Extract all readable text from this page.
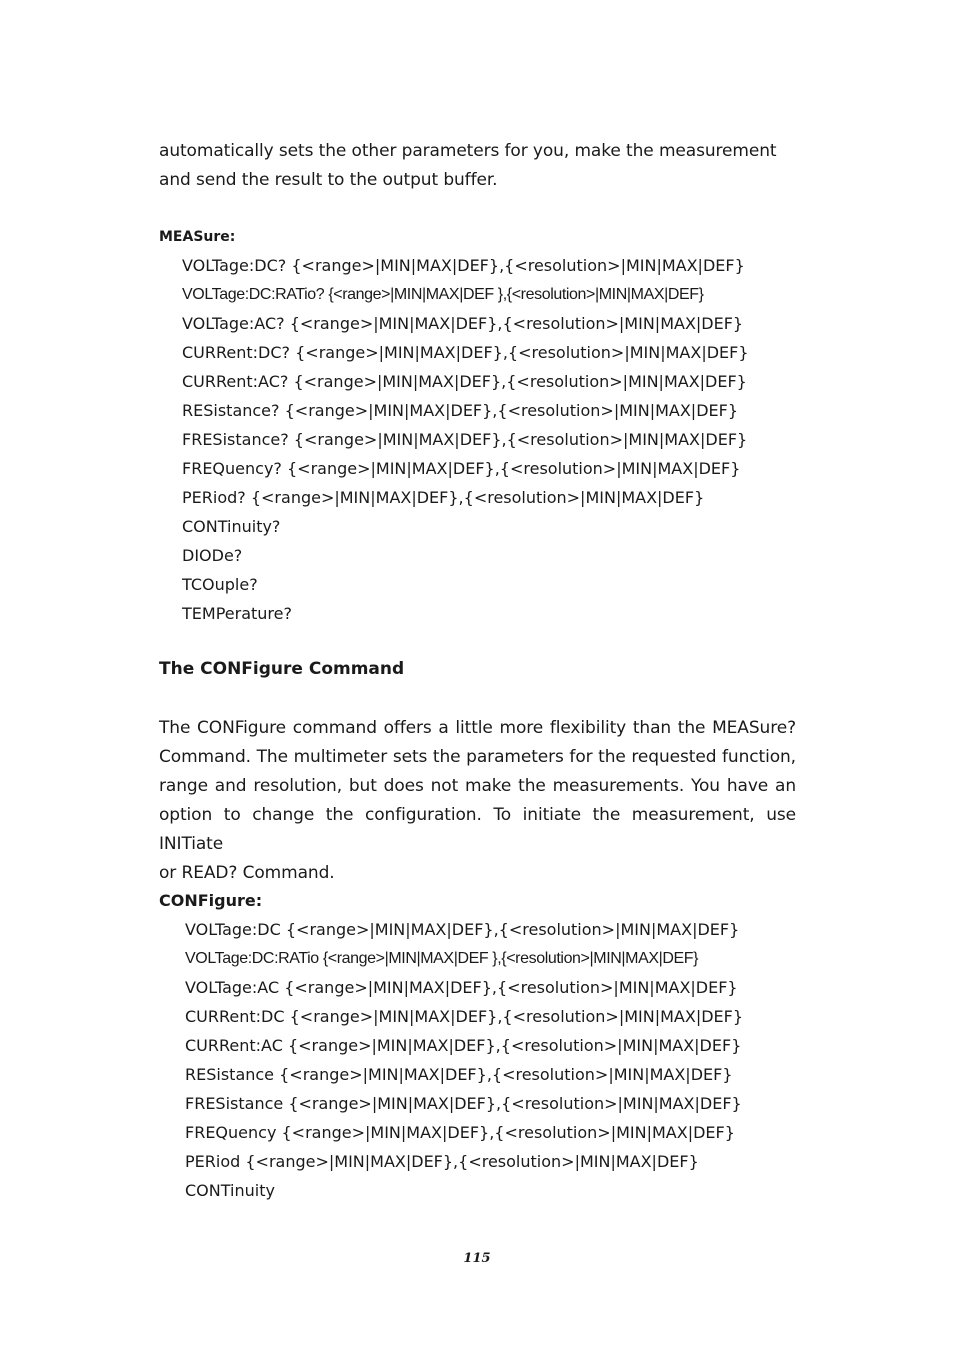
automatically sets the other parameters for you, make the measurement

and send the result to the output buffer.

MEASure:

VOLTage:DC? {<range>|MIN|MAX|DEF},{<resolution>|MIN|MAX|DEF}
VOLTage:DC:RATio? {<range>|MIN|MAX|DEF },{<resolution>|MIN|MAX|DEF}
VOLTage:AC? {<range>|MIN|MAX|DEF},{<resolution>|MIN|MAX|DEF}
CURRent:DC? {<range>|MIN|MAX|DEF},{<resolution>|MIN|MAX|DEF}
CURRent:AC? {<range>|MIN|MAX|DEF},{<resolution>|MIN|MAX|DEF}
RESistance? {<range>|MIN|MAX|DEF},{<resolution>|MIN|MAX|DEF}
FRESistance? {<range>|MIN|MAX|DEF},{<resolution>|MIN|MAX|DEF}
FREQuency? {<range>|MIN|MAX|DEF},{<resolution>|MIN|MAX|DEF}
PERiod? {<range>|MIN|MAX|DEF},{<resolution>|MIN|MAX|DEF}
CONTinuity?
DIODe?
TCOuple?
TEMPerature?

The CONFigure Command

The CONFigure command offers a little more flexibility than the MEASure?

Command. The multimeter sets the parameters for the requested function,

range and resolution, but does not make the measurements. You have an

option to change the configuration. To initiate the measurement, use INITiate

or READ? Command.

CONFigure:

VOLTage:DC {<range>|MIN|MAX|DEF},{<resolution>|MIN|MAX|DEF}
VOLTage:DC:RATio {<range>|MIN|MAX|DEF },{<resolution>|MIN|MAX|DEF}
VOLTage:AC {<range>|MIN|MAX|DEF},{<resolution>|MIN|MAX|DEF}
CURRent:DC {<range>|MIN|MAX|DEF},{<resolution>|MIN|MAX|DEF}
CURRent:AC {<range>|MIN|MAX|DEF},{<resolution>|MIN|MAX|DEF}
RESistance {<range>|MIN|MAX|DEF},{<resolution>|MIN|MAX|DEF}
FRESistance {<range>|MIN|MAX|DEF},{<resolution>|MIN|MAX|DEF}
FREQuency {<range>|MIN|MAX|DEF},{<resolution>|MIN|MAX|DEF}
PERiod {<range>|MIN|MAX|DEF},{<resolution>|MIN|MAX|DEF}
CONTinuity
115
